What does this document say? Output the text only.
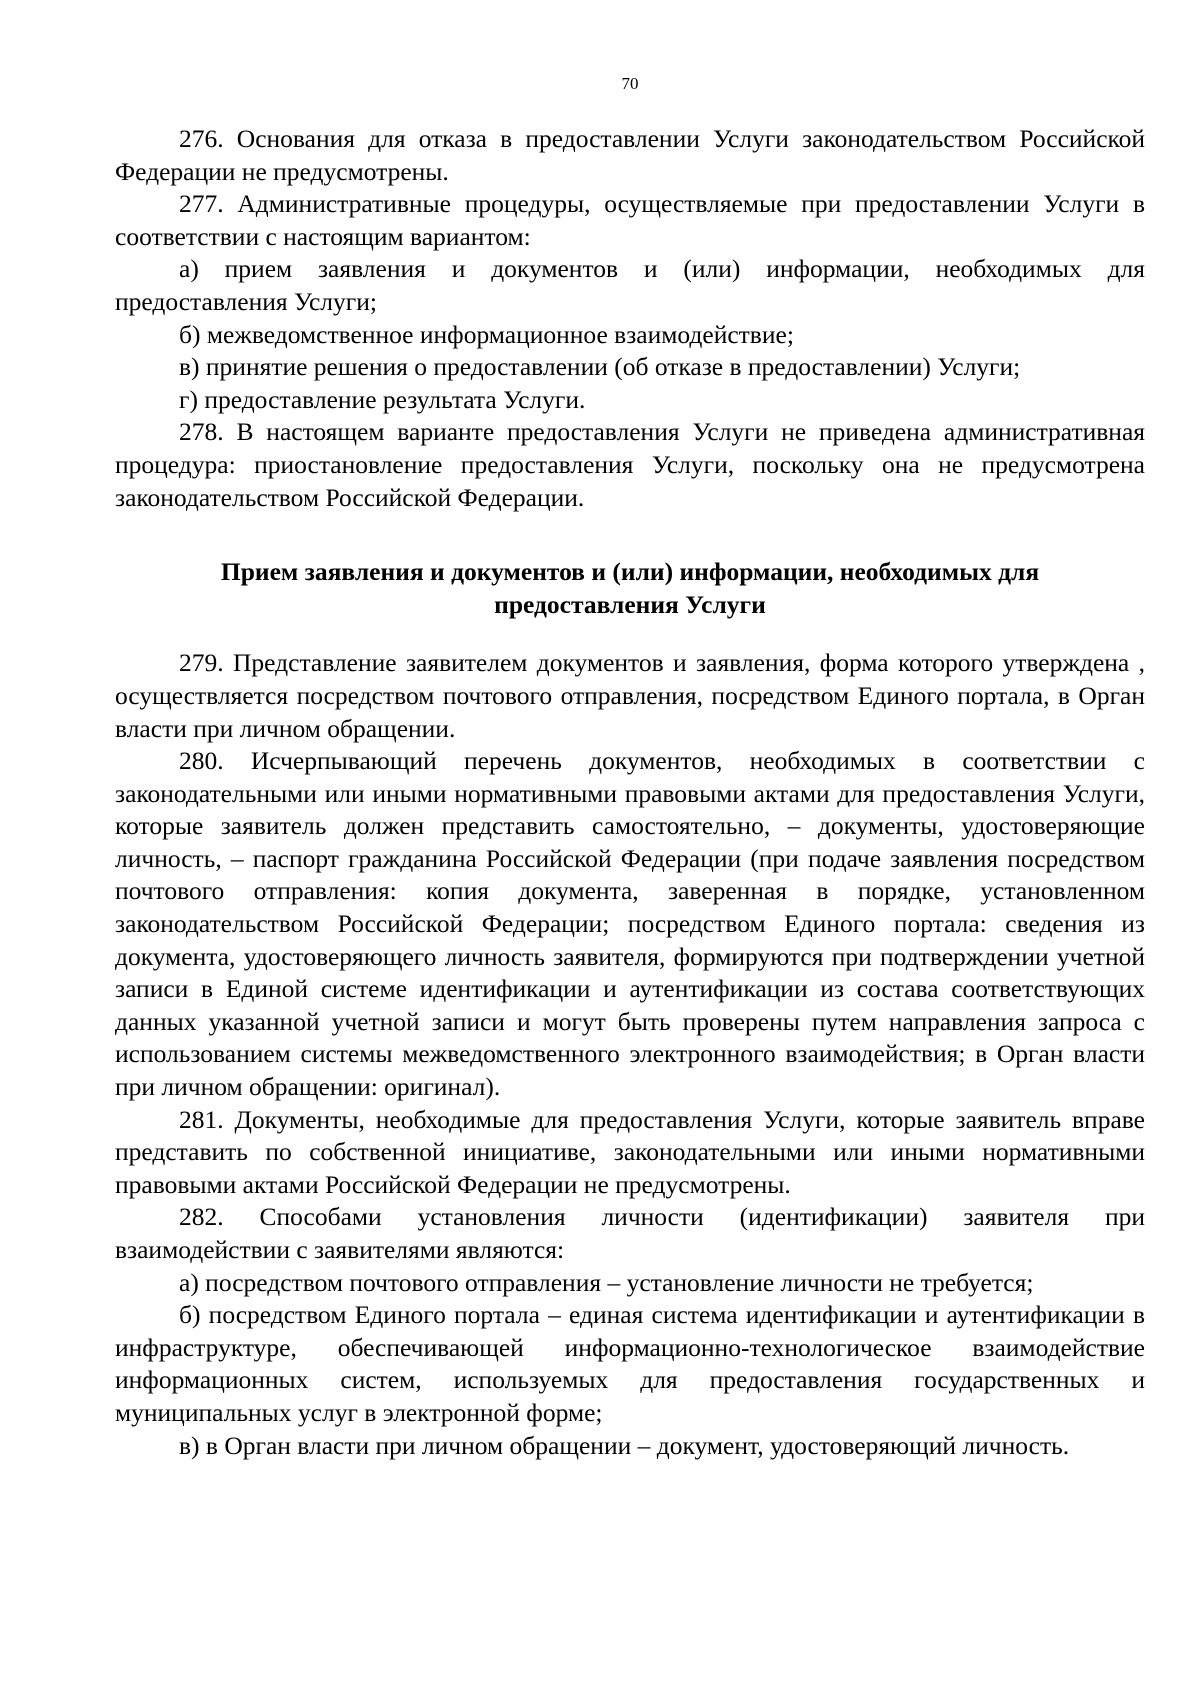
70

276. Основания для отказа в предоставлении Услуги законодательством Российской Федерации не предусмотрены.

277. Административные процедуры, осуществляемые при предоставлении Услуги в соответствии с настоящим вариантом:

а) прием заявления и документов и (или) информации, необходимых для предоставления Услуги;

б) межведомственное информационное взаимодействие;

в) принятие решения о предоставлении (об отказе в предоставлении) Услуги;

г) предоставление результата Услуги.

278. В настоящем варианте предоставления Услуги не приведена административная процедура: приостановление предоставления Услуги, поскольку она не предусмотрена законодательством Российской Федерации.

Прием заявления и документов и (или) информации, необходимых для
предоставления Услуги

279. Представление заявителем документов и заявления, форма которого утверждена , осуществляется посредством почтового отправления, посредством Единого портала, в Орган власти при личном обращении.

280. Исчерпывающий перечень документов, необходимых в соответствии с законодательными или иными нормативными правовыми актами для предоставления Услуги, которые заявитель должен представить самостоятельно, – документы, удостоверяющие личность, – паспорт гражданина Российской Федерации (при подаче заявления посредством почтового отправления: копия документа, заверенная в порядке, установленном законодательством Российской Федерации; посредством Единого портала: сведения из документа, удостоверяющего личность заявителя, формируются при подтверждении учетной записи в Единой системе идентификации и аутентификации из состава соответствующих данных указанной учетной записи и могут быть проверены путем направления запроса с использованием системы межведомственного электронного взаимодействия; в Орган власти при личном обращении: оригинал).

281. Документы, необходимые для предоставления Услуги, которые заявитель вправе представить по собственной инициативе, законодательными или иными нормативными правовыми актами Российской Федерации не предусмотрены.

282. Способами установления личности (идентификации) заявителя при взаимодействии с заявителями являются:

а) посредством почтового отправления – установление личности не требуется;

б) посредством Единого портала – единая система идентификации и аутентификации в инфраструктуре, обеспечивающей информационно-технологическое взаимодействие информационных систем, используемых для предоставления государственных и муниципальных услуг в электронной форме;

в) в Орган власти при личном обращении – документ, удостоверяющий личность.
